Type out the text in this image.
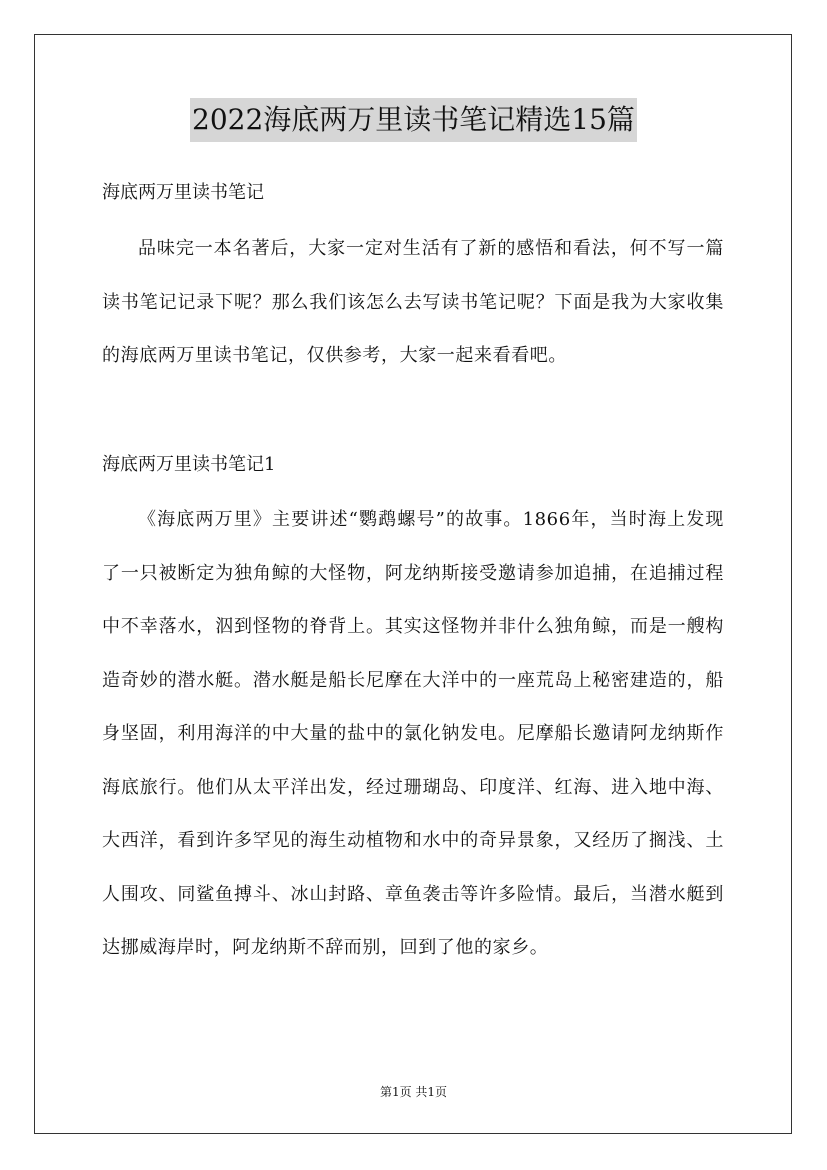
2022海底两万里读书笔记精选15篇
海底两万里读书笔记

品味完一本名著后，大家一定对生活有了新的感悟和看法，何不写一篇读书笔记记录下呢？那么我们该怎么去写读书笔记呢？下面是我为大家收集的海底两万里读书笔记，仅供参考，大家一起来看看吧。

海底两万里读书笔记1

《海底两万里》主要讲述“鹦鹉螺号”的故事。1866年，当时海上发现了一只被断定为独角鲸的大怪物，阿龙纳斯接受邀请参加追捕，在追捕过程中不幸落水，泅到怪物的脊背上。其实这怪物并非什么独角鲸，而是一艘构造奇妙的潜水艇。潜水艇是船长尼摩在大洋中的一座荒岛上秘密建造的，船身坚固，利用海洋的中大量的盐中的氯化钠发电。尼摩船长邀请阿龙纳斯作海底旅行。他们从太平洋出发，经过珊瑚岛、印度洋、红海、进入地中海、大西洋，看到许多罕见的海生动植物和水中的奇异景象，又经历了搁浅、土人围攻、同鲨鱼搏斗、冰山封路、章鱼袭击等许多险情。最后，当潜水艇到达挪威海岸时，阿龙纳斯不辞而别，回到了他的家乡。

第1页 共1页
